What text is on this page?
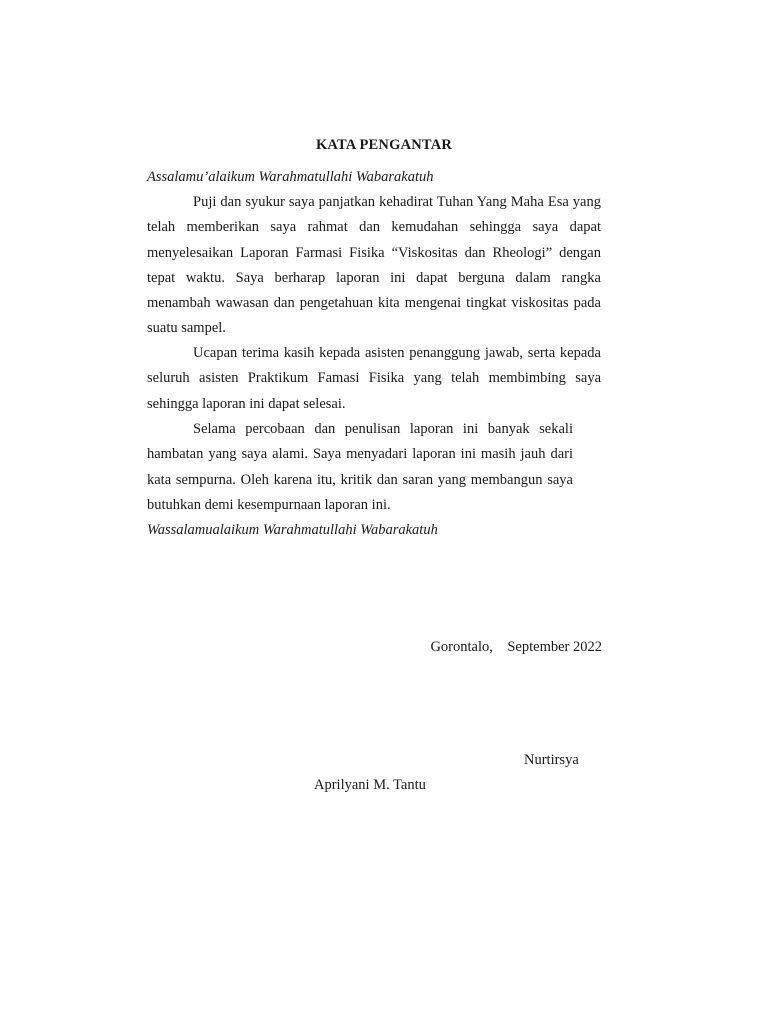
KATA PENGANTAR
Assalamu’alaikum Warahmatullahi Wabarakatuh

Puji dan syukur saya panjatkan kehadirat Tuhan Yang Maha Esa yang telah memberikan saya rahmat dan kemudahan sehingga saya dapat menyelesaikan Laporan Farmasi Fisika “Viskositas dan Rheologi” dengan tepat waktu. Saya berharap laporan ini dapat berguna dalam rangka menambah wawasan dan pengetahuan kita mengenai tingkat viskositas pada suatu sampel.

Ucapan terima kasih kepada asisten penanggung jawab, serta kepada seluruh asisten Praktikum Famasi Fisika yang telah membimbing saya sehingga laporan ini dapat selesai.

Selama percobaan dan penulisan laporan ini banyak sekali hambatan yang saya alami. Saya menyadari laporan ini masih jauh dari kata sempurna. Oleh karena itu, kritik dan saran yang membangun saya butuhkan demi kesempurnaan laporan ini.

Wassalamualaikum Warahmatullahi Wabarakatuh
Gorontalo,    September 2022
Nurtirsya
Aprilyani M. Tantu
